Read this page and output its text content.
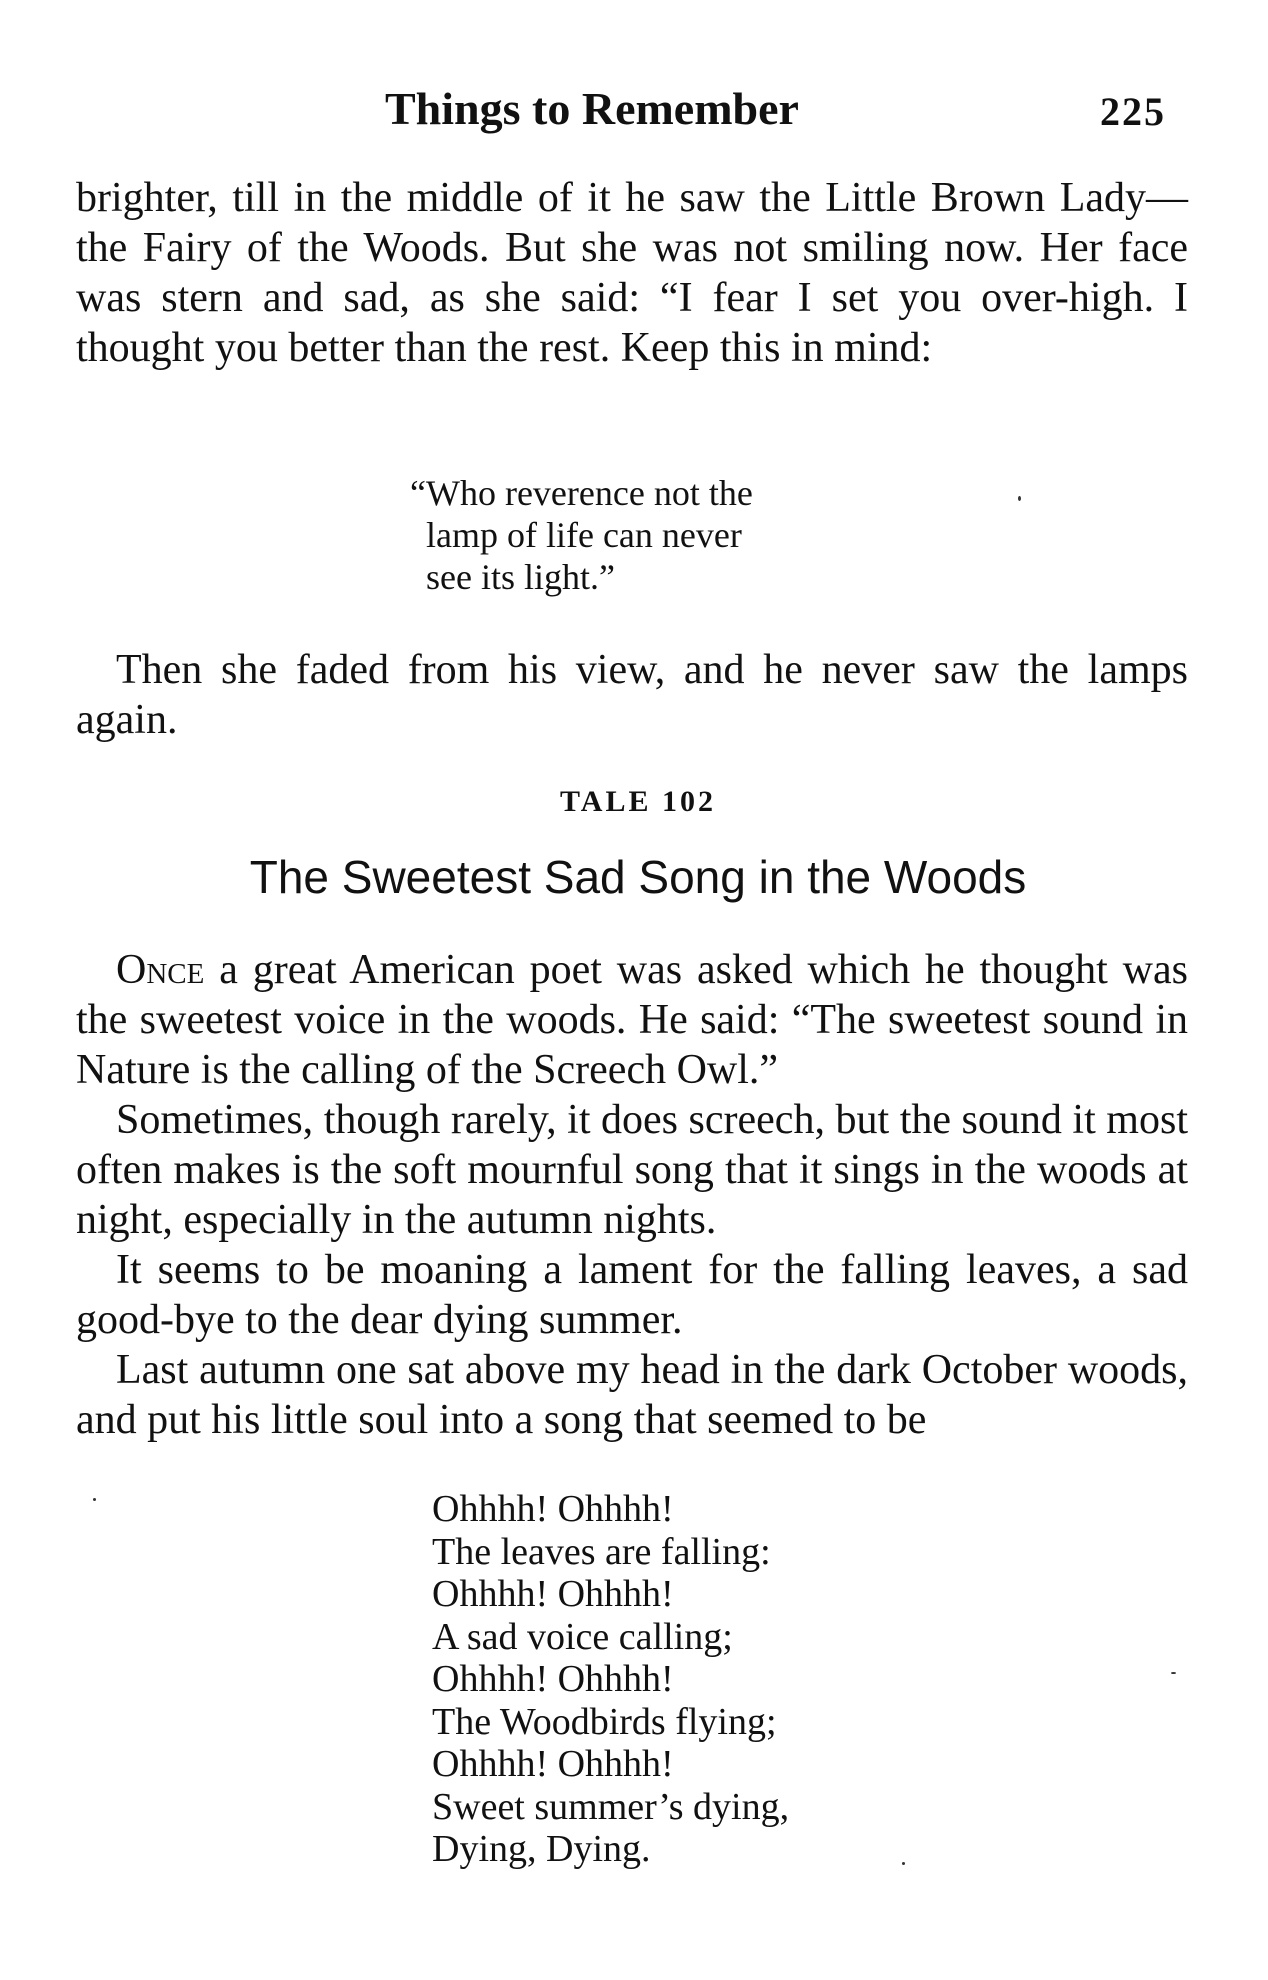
Things to Remember	225

brighter, till in the middle of it he saw the Little Brown Lady—the Fairy of the Woods. But she was not smiling now. Her face was stern and sad, as she said: “I fear I set you over-high. I thought you better than the rest. Keep this in mind:

“Who reverence not the
lamp of life can never
see its light.”

Then she faded from his view, and he never saw the lamps again.

TALE 102
The Sweetest Sad Song in the Woods

Once a great American poet was asked which he thought was the sweetest voice in the woods. He said: “The sweetest sound in Nature is the calling of the Screech Owl.”

Sometimes, though rarely, it does screech, but the sound it most often makes is the soft mournful song that it sings in the woods at night, especially in the autumn nights.

It seems to be moaning a lament for the falling leaves, a sad good-bye to the dear dying summer.

Last autumn one sat above my head in the dark October woods, and put his little soul into a song that seemed to be

Ohhhh! Ohhhh!
The leaves are falling:
Ohhhh! Ohhhh!
A sad voice calling;
Ohhhh! Ohhhh!
The Woodbirds flying;
Ohhhh! Ohhhh!
Sweet summer’s dying,
Dying, Dying.
